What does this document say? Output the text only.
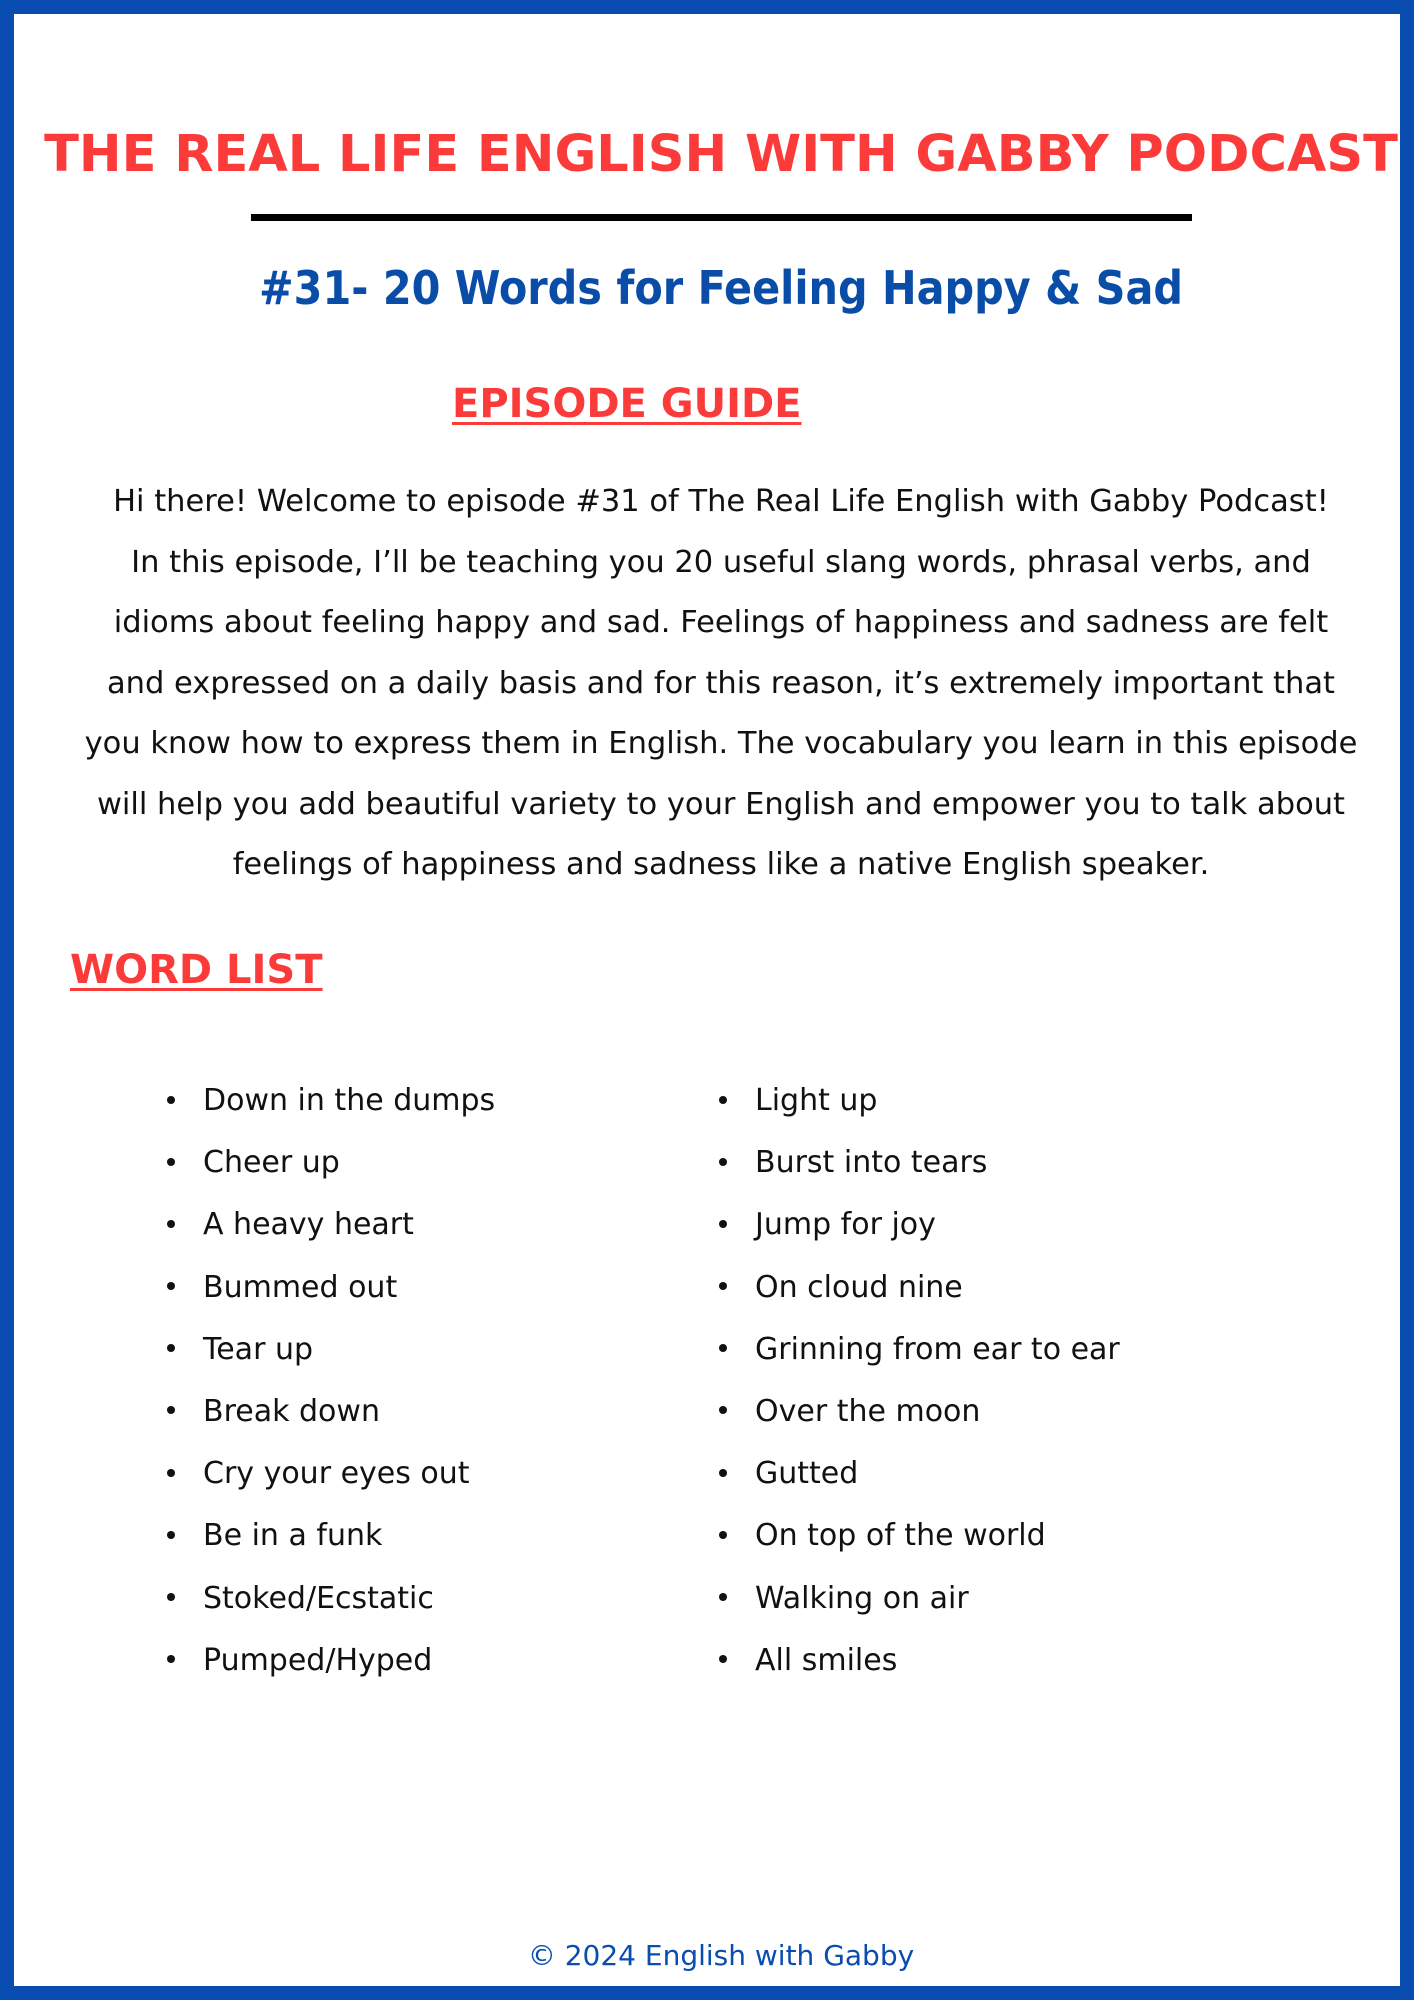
THE REAL LIFE ENGLISH WITH GABBY PODCAST
#31- 20 Words for Feeling Happy & Sad
EPISODE GUIDE

Hi there! Welcome to episode #31 of The Real Life English with Gabby Podcast!
In this episode, I’ll be teaching you 20 useful slang words, phrasal verbs, and
idioms about feeling happy and sad. Feelings of happiness and sadness are felt
and expressed on a daily basis and for this reason, it’s extremely important that
you know how to express them in English. The vocabulary you learn in this episode
will help you add beautiful variety to your English and empower you to talk about
feelings of happiness and sadness like a native English speaker.

WORD LIST
Down in the dumps
Cheer up
A heavy heart
Bummed out
Tear up
Break down
Cry your eyes out
Be in a funk
Stoked/Ecstatic
Pumped/Hyped
Light up
Burst into tears
Jump for joy
On cloud nine
Grinning from ear to ear
Over the moon
Gutted
On top of the world
Walking on air
All smiles

© 2024 English with Gabby
